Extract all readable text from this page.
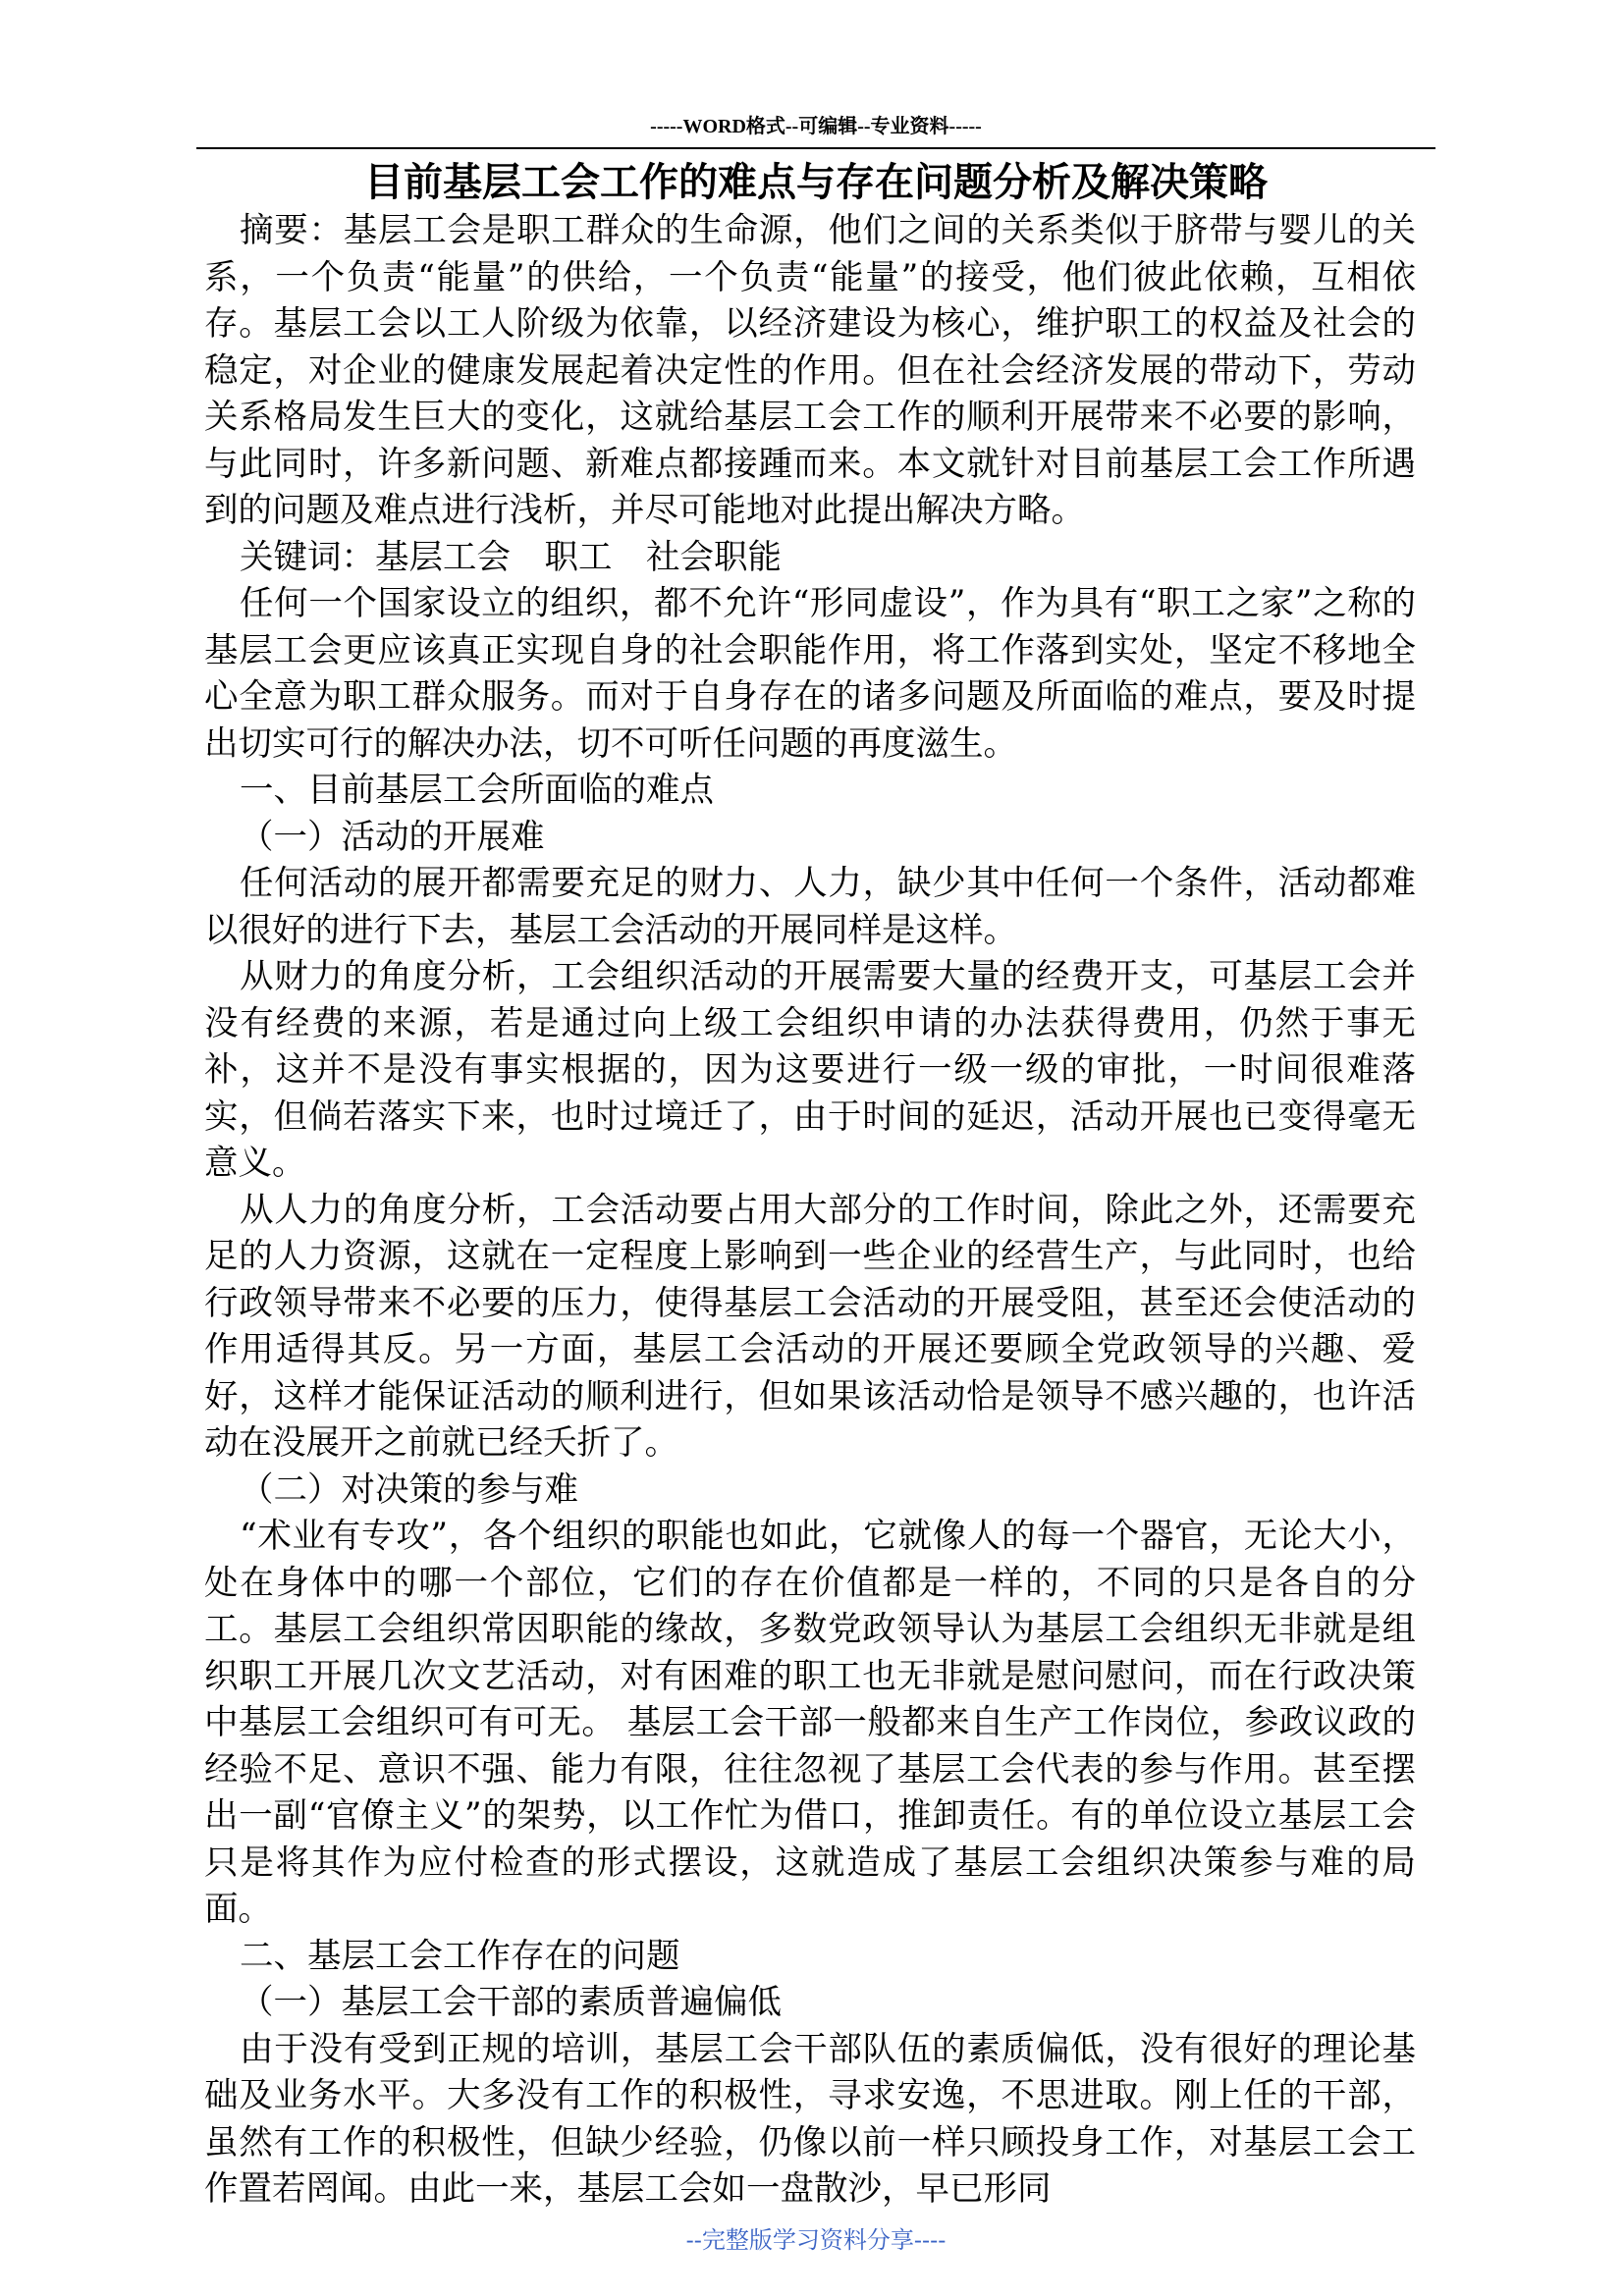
-----WORD格式--可编辑--专业资料-----
目前基层工会工作的难点与存在问题分析及解决策略

摘要：基层工会是职工群众的生命源，他们之间的关系类似于脐带与婴儿的关系，一个负责“能量”的供给，一个负责“能量”的接受，他们彼此依赖，互相依存。基层工会以工人阶级为依靠，以经济建设为核心，维护职工的权益及社会的稳定，对企业的健康发展起着决定性的作用。但在社会经济发展的带动下，劳动关系格局发生巨大的变化，这就给基层工会工作的顺利开展带来不必要的影响，与此同时，许多新问题、新难点都接踵而来。本文就针对目前基层工会工作所遇到的问题及难点进行浅析，并尽可能地对此提出解决方略。

关键词：基层工会　职工　社会职能

任何一个国家设立的组织，都不允许“形同虚设”，作为具有“职工之家”之称的基层工会更应该真正实现自身的社会职能作用，将工作落到实处，坚定不移地全心全意为职工群众服务。而对于自身存在的诸多问题及所面临的难点，要及时提出切实可行的解决办法，切不可听任问题的再度滋生。

一、目前基层工会所面临的难点

（一）活动的开展难

任何活动的展开都需要充足的财力、人力，缺少其中任何一个条件，活动都难以很好的进行下去，基层工会活动的开展同样是这样。

从财力的角度分析，工会组织活动的开展需要大量的经费开支，可基层工会并没有经费的来源，若是通过向上级工会组织申请的办法获得费用，仍然于事无补，这并不是没有事实根据的，因为这要进行一级一级的审批，一时间很难落实，但倘若落实下来，也时过境迁了，由于时间的延迟，活动开展也已变得毫无意义。

从人力的角度分析，工会活动要占用大部分的工作时间，除此之外，还需要充足的人力资源，这就在一定程度上影响到一些企业的经营生产，与此同时，也给行政领导带来不必要的压力，使得基层工会活动的开展受阻，甚至还会使活动的作用适得其反。另一方面，基层工会活动的开展还要顾全党政领导的兴趣、爱好，这样才能保证活动的顺利进行，但如果该活动恰是领导不感兴趣的，也许活动在没展开之前就已经夭折了。

（二）对决策的参与难

“术业有专攻”，各个组织的职能也如此，它就像人的每一个器官，无论大小，处在身体中的哪一个部位，它们的存在价值都是一样的，不同的只是各自的分工。基层工会组织常因职能的缘故，多数党政领导认为基层工会组织无非就是组织职工开展几次文艺活动，对有困难的职工也无非就是慰问慰问，而在行政决策中基层工会组织可有可无。 基层工会干部一般都来自生产工作岗位，参政议政的经验不足、意识不强、能力有限，往往忽视了基层工会代表的参与作用。甚至摆出一副“官僚主义”的架势，以工作忙为借口，推卸责任。有的单位设立基层工会只是将其作为应付检查的形式摆设，这就造成了基层工会组织决策参与难的局面。

二、基层工会工作存在的问题

（一）基层工会干部的素质普遍偏低

由于没有受到正规的培训，基层工会干部队伍的素质偏低，没有很好的理论基础及业务水平。大多没有工作的积极性，寻求安逸，不思进取。刚上任的干部，虽然有工作的积极性，但缺少经验，仍像以前一样只顾投身工作，对基层工会工作置若罔闻。由此一来，基层工会如一盘散沙，早已形同

--完整版学习资料分享----
